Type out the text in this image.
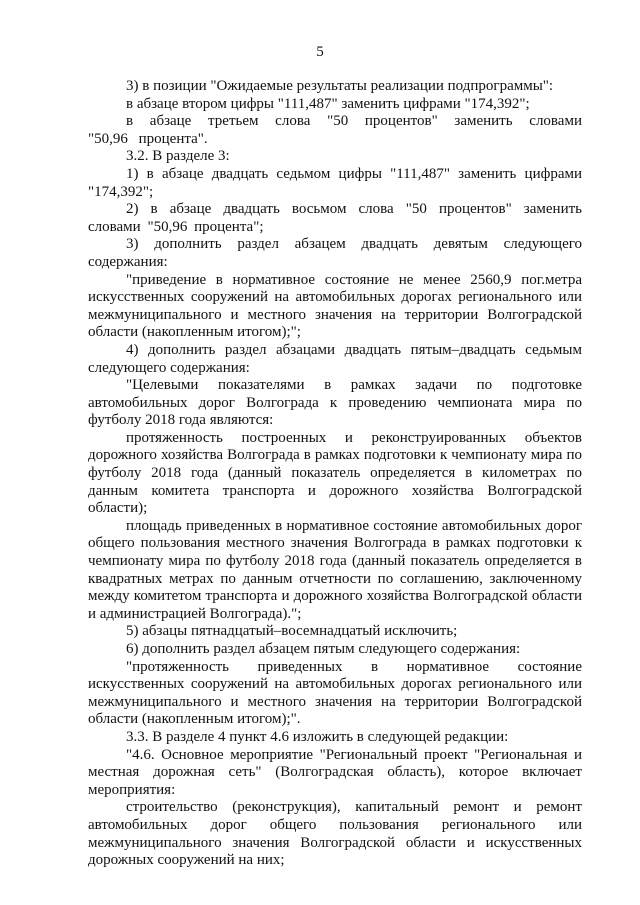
5

3) в позиции "Ожидаемые результаты реализации подпрограммы":

в абзаце втором цифры "111,487" заменить цифрами "174,392";

в абзаце третьем слова "50 процентов" заменить словами "50,96 процента".

3.2. В разделе 3:

1) в абзаце двадцать седьмом цифры "111,487" заменить цифрами "174,392";

2) в абзаце двадцать восьмом слова "50 процентов" заменить словами "50,96 процента";

3) дополнить раздел абзацем двадцать девятым следующего содержания:

"приведение в нормативное состояние не менее 2560,9 пог.метра искусственных сооружений на автомобильных дорогах регионального или межмуниципального и местного значения на территории Волгоградской области (накопленным итогом);";

4) дополнить раздел абзацами двадцать пятым–двадцать седьмым следующего содержания:

"Целевыми показателями в рамках задачи по подготовке автомобильных дорог Волгограда к проведению чемпионата мира по футболу 2018 года являются:

протяженность построенных и реконструированных объектов дорожного хозяйства Волгограда в рамках подготовки к чемпионату мира по футболу 2018 года (данный показатель определяется в километрах по данным комитета транспорта и дорожного хозяйства Волгоградской области);

площадь приведенных в нормативное состояние автомобильных дорог общего пользования местного значения Волгограда в рамках подготовки к чемпионату мира по футболу 2018 года (данный показатель определяется в квадратных метрах по данным отчетности по соглашению, заключенному между комитетом транспорта и дорожного хозяйства Волгоградской области и администрацией Волгограда).";

5) абзацы пятнадцатый–восемнадцатый исключить;

6) дополнить раздел абзацем пятым следующего содержания:

"протяженность приведенных в нормативное состояние искусственных сооружений на автомобильных дорогах регионального или межмуниципального и местного значения на территории Волгоградской области (накопленным итогом);".

3.3. В разделе 4 пункт 4.6 изложить в следующей редакции:

"4.6. Основное мероприятие "Региональный проект "Региональная и местная дорожная сеть" (Волгоградская область), которое включает мероприятия:

строительство (реконструкция), капитальный ремонт и ремонт автомобильных дорог общего пользования регионального или межмуниципального значения Волгоградской области и искусственных дорожных сооружений на них;
